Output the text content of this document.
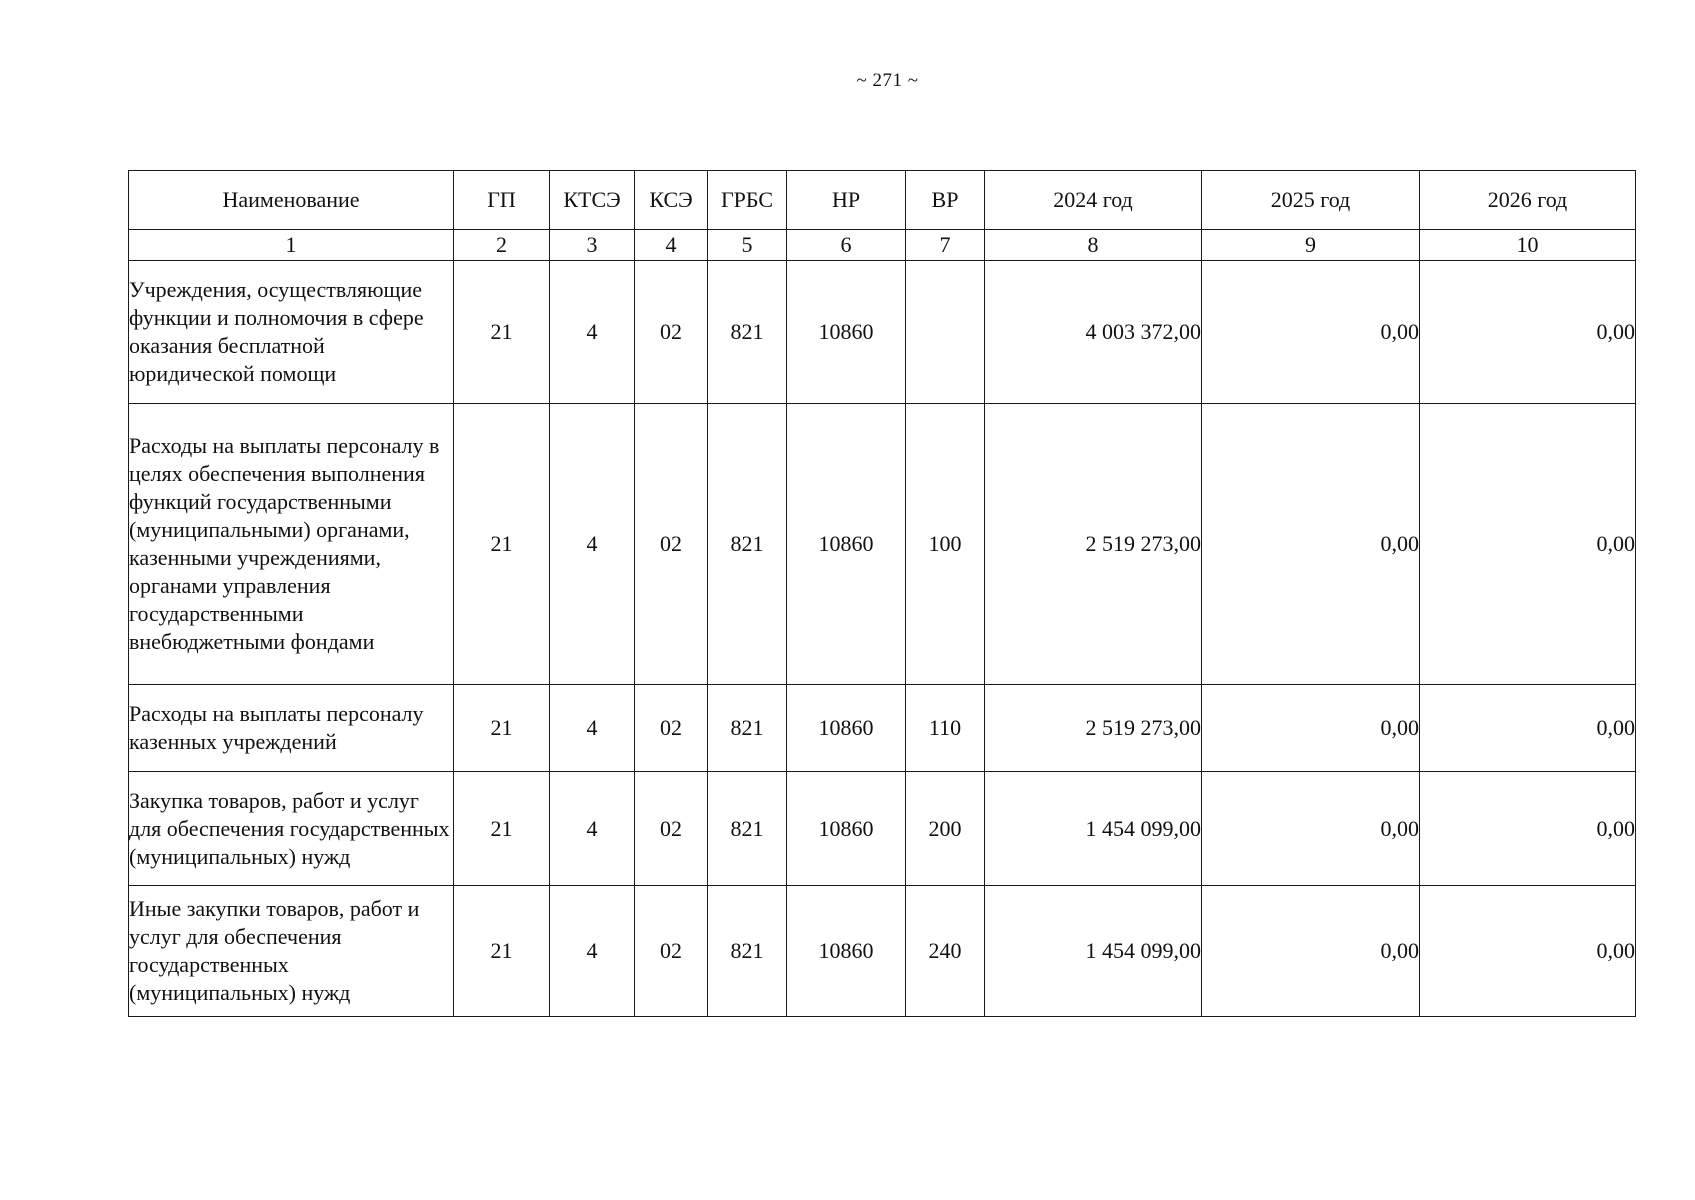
~ 271 ~
Наименование	ГП	КТСЭ	КСЭ	ГРБС	НР	ВР	2024 год	2025 год	2026 год
1	2	3	4	5	6	7	8	9	10
Учреждения, осуществляющие функции и полномочия в сфере оказания бесплатной юридической помощи	21	4	02	821	10860		4 003 372,00	0,00	0,00
Расходы на выплаты персоналу в целях обеспечения выполнения функций государственными (муниципальными) органами, казенными учреждениями, органами управления государственными внебюджетными фондами	21	4	02	821	10860	100	2 519 273,00	0,00	0,00
Расходы на выплаты персоналу казенных учреждений	21	4	02	821	10860	110	2 519 273,00	0,00	0,00
Закупка товаров, работ и услуг для обеспечения государственных (муниципальных) нужд	21	4	02	821	10860	200	1 454 099,00	0,00	0,00
Иные закупки товаров, работ и услуг для обеспечения государственных (муниципальных) нужд	21	4	02	821	10860	240	1 454 099,00	0,00	0,00
